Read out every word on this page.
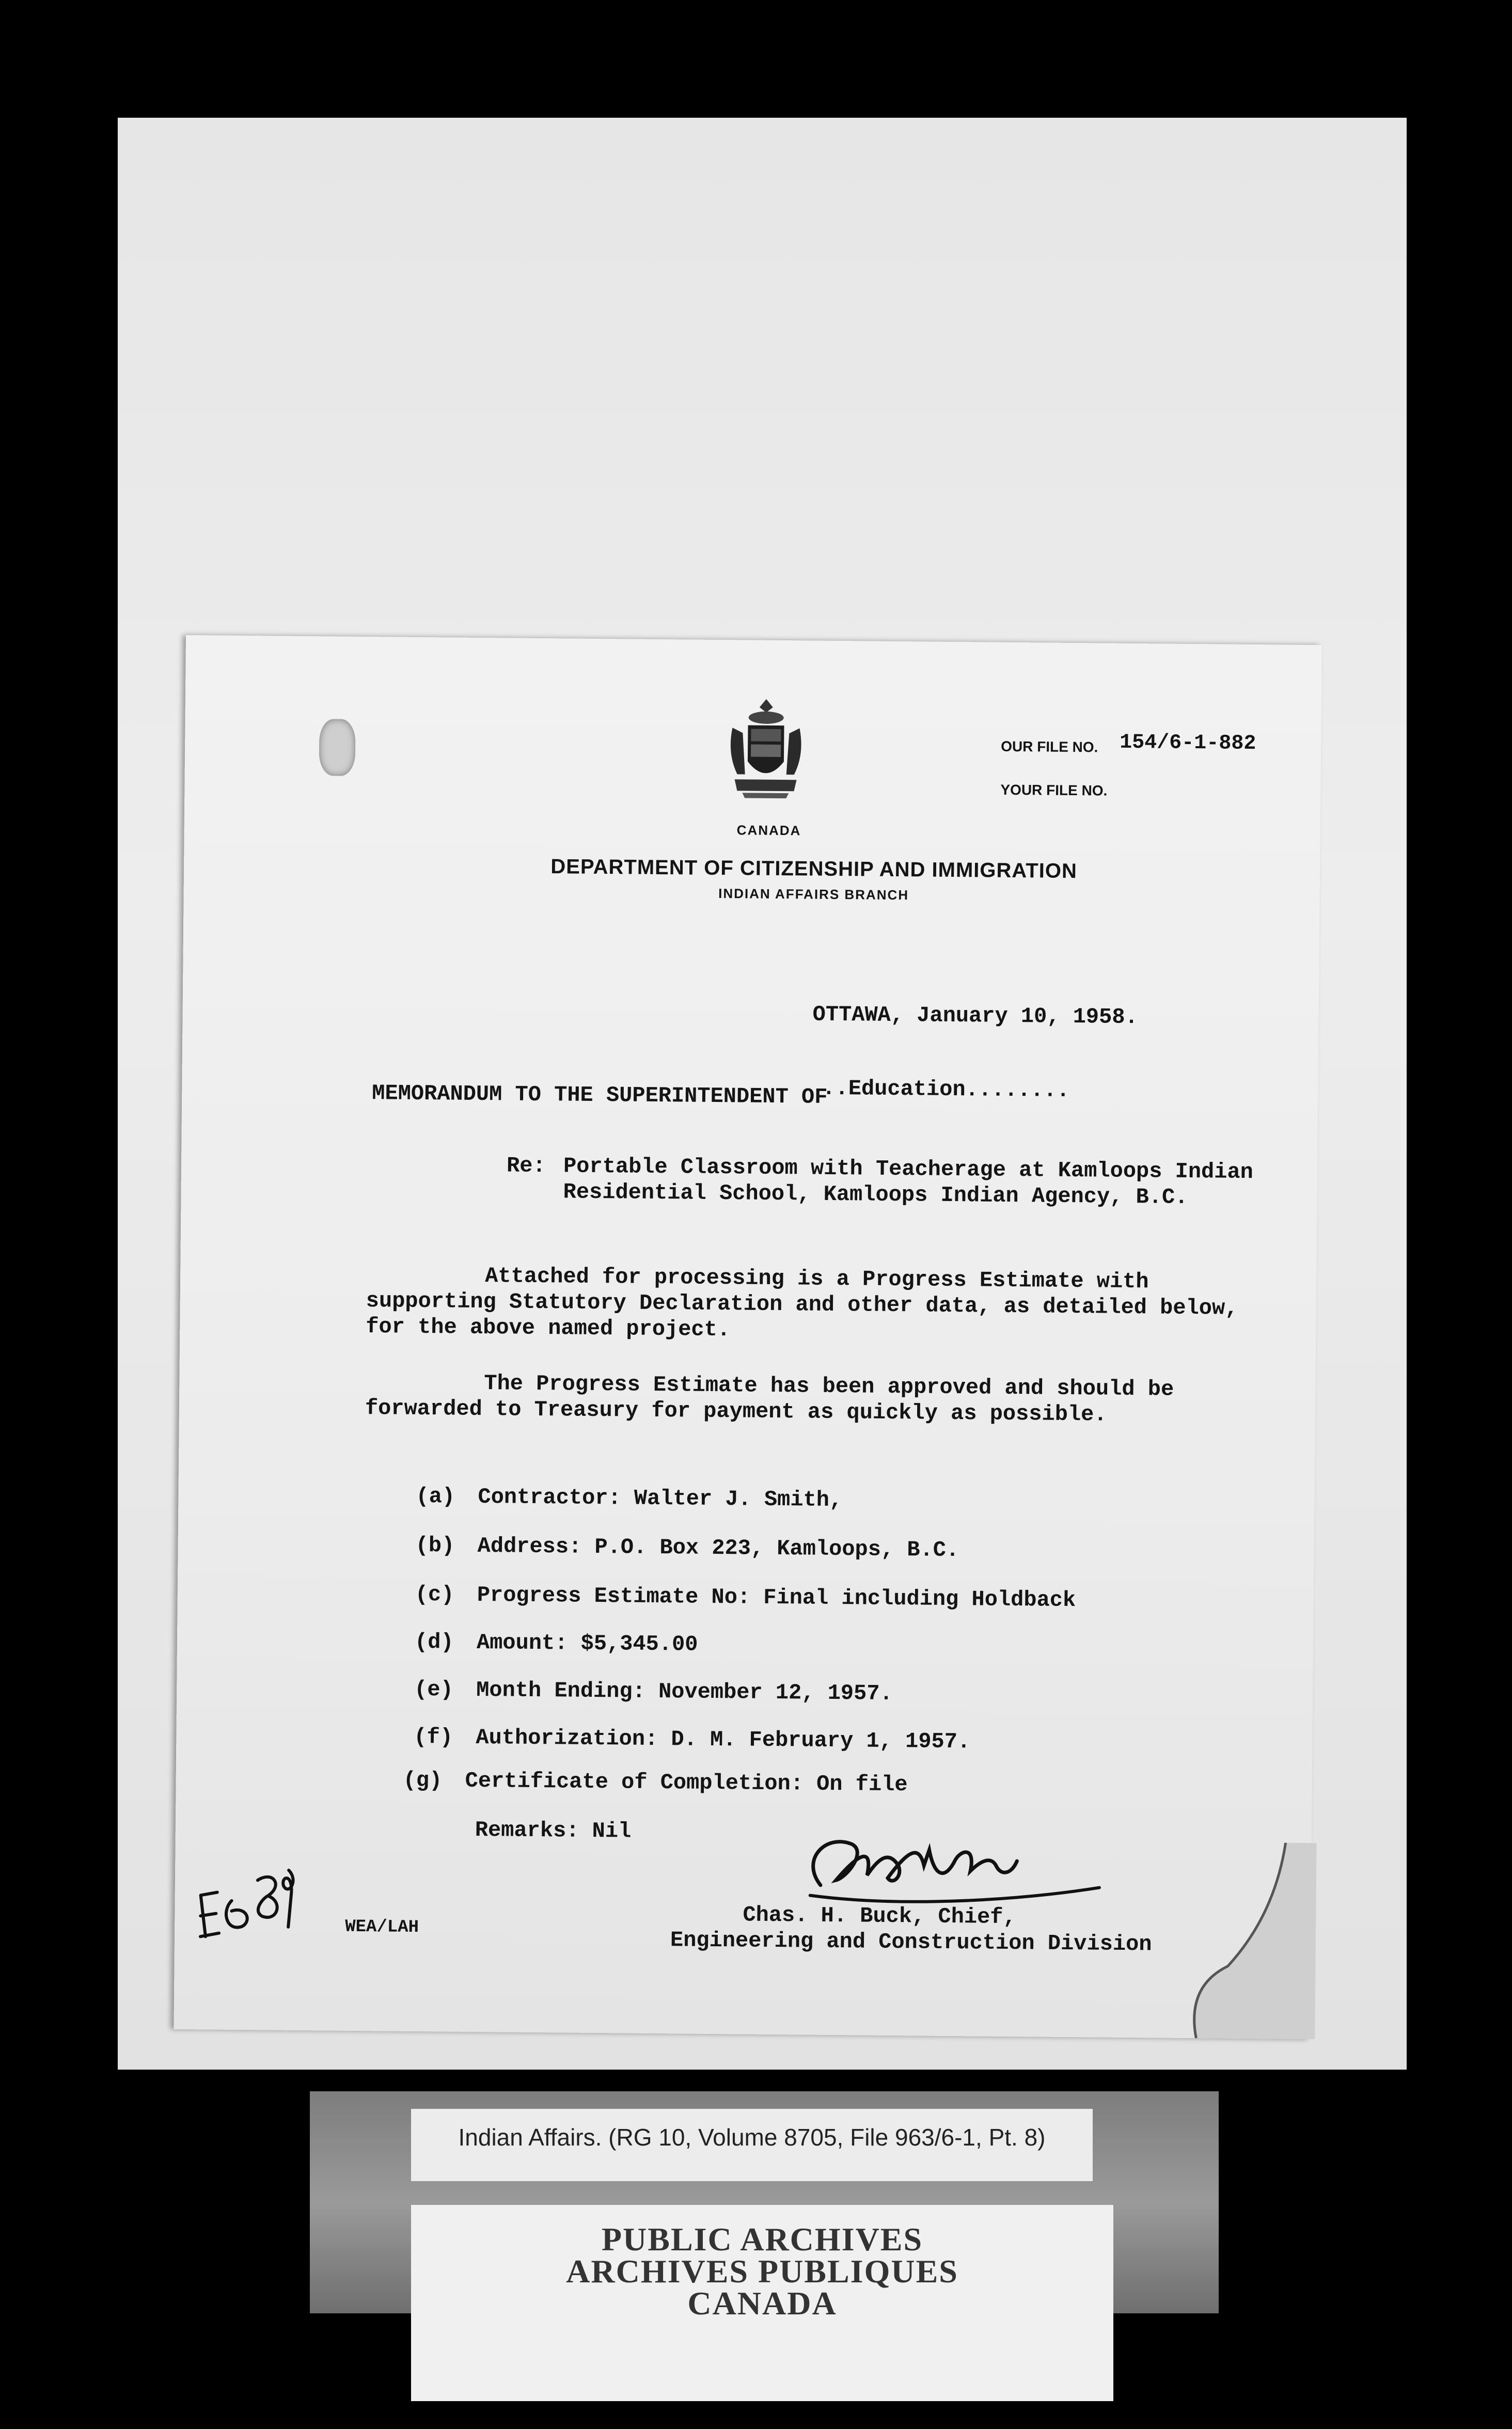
CANADA
DEPARTMENT OF CITIZENSHIP AND IMMIGRATION
INDIAN AFFAIRS BRANCH
OUR FILE NO. 154/6-1-882
YOUR FILE NO.
OTTAWA, January 10, 1958.
MEMORANDUM TO THE SUPERINTENDENT OF
..Education........
Re: Portable Classroom with Teacherage at Kamloops Indian
Residential School, Kamloops Indian Agency, B.C.
Attached for processing is a Progress Estimate with
supporting Statutory Declaration and other data, as detailed below,
for the above named project.
The Progress Estimate has been approved and should be
forwarded to Treasury for payment as quickly as possible.
(a) Contractor: Walter J. Smith,
(b) Address: P.O. Box 223, Kamloops, B.C.
(c) Progress Estimate No: Final including Holdback
(d) Amount: $5,345.00
(e) Month Ending: November 12, 1957.
(f) Authorization: D. M. February 1, 1957.
(g) Certificate of Completion: On file
Remarks: Nil
Chas. H. Buck, Chief,
Engineering and Construction Division
WEA/LAH
Indian Affairs. (RG 10, Volume 8705, File 963/6-1, Pt. 8)
PUBLIC ARCHIVES
ARCHIVES PUBLIQUES
CANADA
